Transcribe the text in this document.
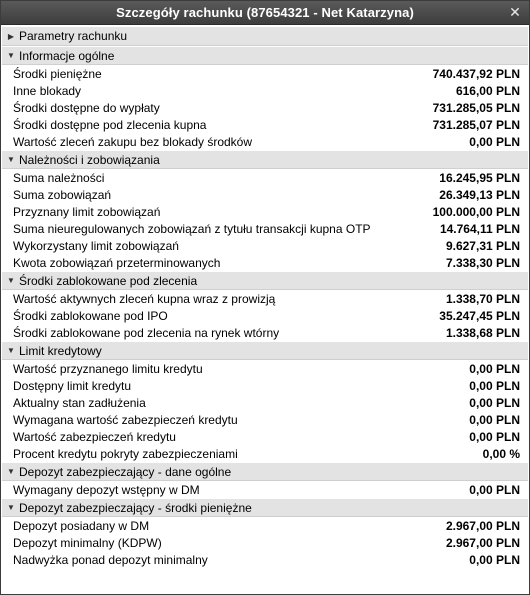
Szczegóły rachunku (87654321 - Net Katarzyna)	✕
▶ Parametry rachunku
▼ Informacje ogólne
Środki pieniężne	740.437,92 PLN
Inne blokady	616,00 PLN
Środki dostępne do wypłaty	731.285,05 PLN
Środki dostępne pod zlecenia kupna	731.285,07 PLN
Wartość zleceń zakupu bez blokady środków	0,00 PLN
▼ Należności i zobowiązania
Suma należności	16.245,95 PLN
Suma zobowiązań	26.349,13 PLN
Przyznany limit zobowiązań	100.000,00 PLN
Suma nieuregulowanych zobowiązań z tytułu transakcji kupna OTP	14.764,11 PLN
Wykorzystany limit zobowiązań	9.627,31 PLN
Kwota zobowiązań przeterminowanych	7.338,30 PLN
▼ Środki zablokowane pod zlecenia
Wartość aktywnych zleceń kupna wraz z prowizją	1.338,70 PLN
Środki zablokowane pod IPO	35.247,45 PLN
Środki zablokowane pod zlecenia na rynek wtórny	1.338,68 PLN
▼ Limit kredytowy
Wartość przyznanego limitu kredytu	0,00 PLN
Dostępny limit kredytu	0,00 PLN
Aktualny stan zadłużenia	0,00 PLN
Wymagana wartość zabezpieczeń kredytu	0,00 PLN
Wartość zabezpieczeń kredytu	0,00 PLN
Procent kredytu pokryty zabezpieczeniami	0,00 %
▼ Depozyt zabezpieczający - dane ogólne
Wymagany depozyt wstępny w DM	0,00 PLN
▼ Depozyt zabezpieczający - środki pieniężne
Depozyt posiadany w DM	2.967,00 PLN
Depozyt minimalny (KDPW)	2.967,00 PLN
Nadwyżka ponad depozyt minimalny	0,00 PLN
